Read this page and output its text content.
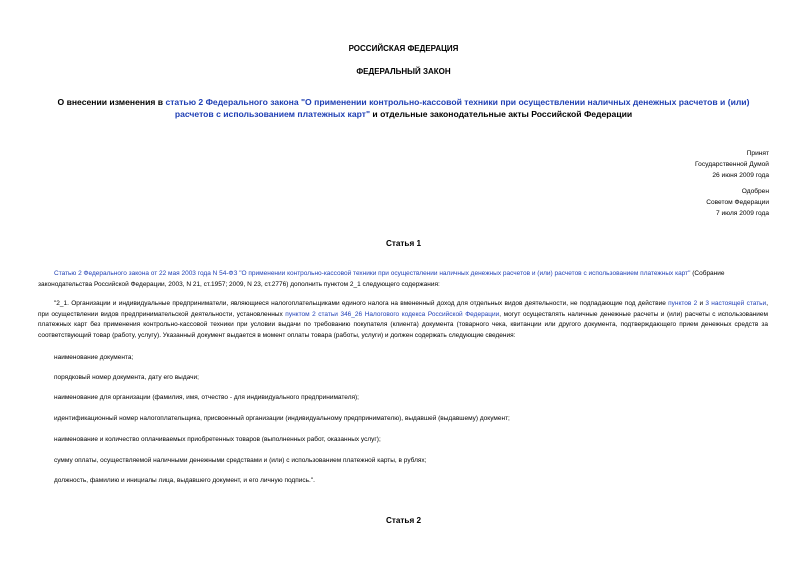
РОССИЙСКАЯ ФЕДЕРАЦИЯ
ФЕДЕРАЛЬНЫЙ ЗАКОН
О внесении изменения в статью 2 Федерального закона "О применении контрольно-кассовой техники при осуществлении наличных денежных расчетов и (или) расчетов с использованием платежных карт" и отдельные законодательные акты Российской Федерации
Принят
Государственной Думой
26 июня 2009 года
Одобрен
Советом Федерации
7 июля 2009 года
Статья 1
Статью 2 Федерального закона от 22 мая 2003 года N 54-ФЗ "О применении контрольно-кассовой техники при осуществлении наличных денежных расчетов и (или) расчетов с использованием платежных карт" (Собрание законодательства Российской Федерации, 2003, N 21, ст.1957; 2009, N 23, ст.2776) дополнить пунктом 2_1 следующего содержания:
"2_1. Организации и индивидуальные предприниматели, являющиеся налогоплательщиками единого налога на вмененный доход для отдельных видов деятельности, не подпадающие под действие пунктов 2 и 3 настоящей статьи, при осуществлении видов предпринимательской деятельности, установленных пунктом 2 статьи 346_26 Налогового кодекса Российской Федерации, могут осуществлять наличные денежные расчеты и (или) расчеты с использованием платежных карт без применения контрольно-кассовой техники при условии выдачи по требованию покупателя (клиента) документа (товарного чека, квитанции или другого документа, подтверждающего прием денежных средств за соответствующий товар (работу, услугу). Указанный документ выдается в момент оплаты товара (работы, услуги) и должен содержать следующие сведения:
наименование документа;
порядковый номер документа, дату его выдачи;
наименование для организации (фамилия, имя, отчество - для индивидуального предпринимателя);
идентификационный номер налогоплательщика, присвоенный организации (индивидуальному предпринимателю), выдавшей (выдавшему) документ;
наименование и количество оплачиваемых приобретенных товаров (выполненных работ, оказанных услуг);
сумму оплаты, осуществляемой наличными денежными средствами и (или) с использованием платежной карты, в рублях;
должность, фамилию и инициалы лица, выдавшего документ, и его личную подпись.".
Статья 2
